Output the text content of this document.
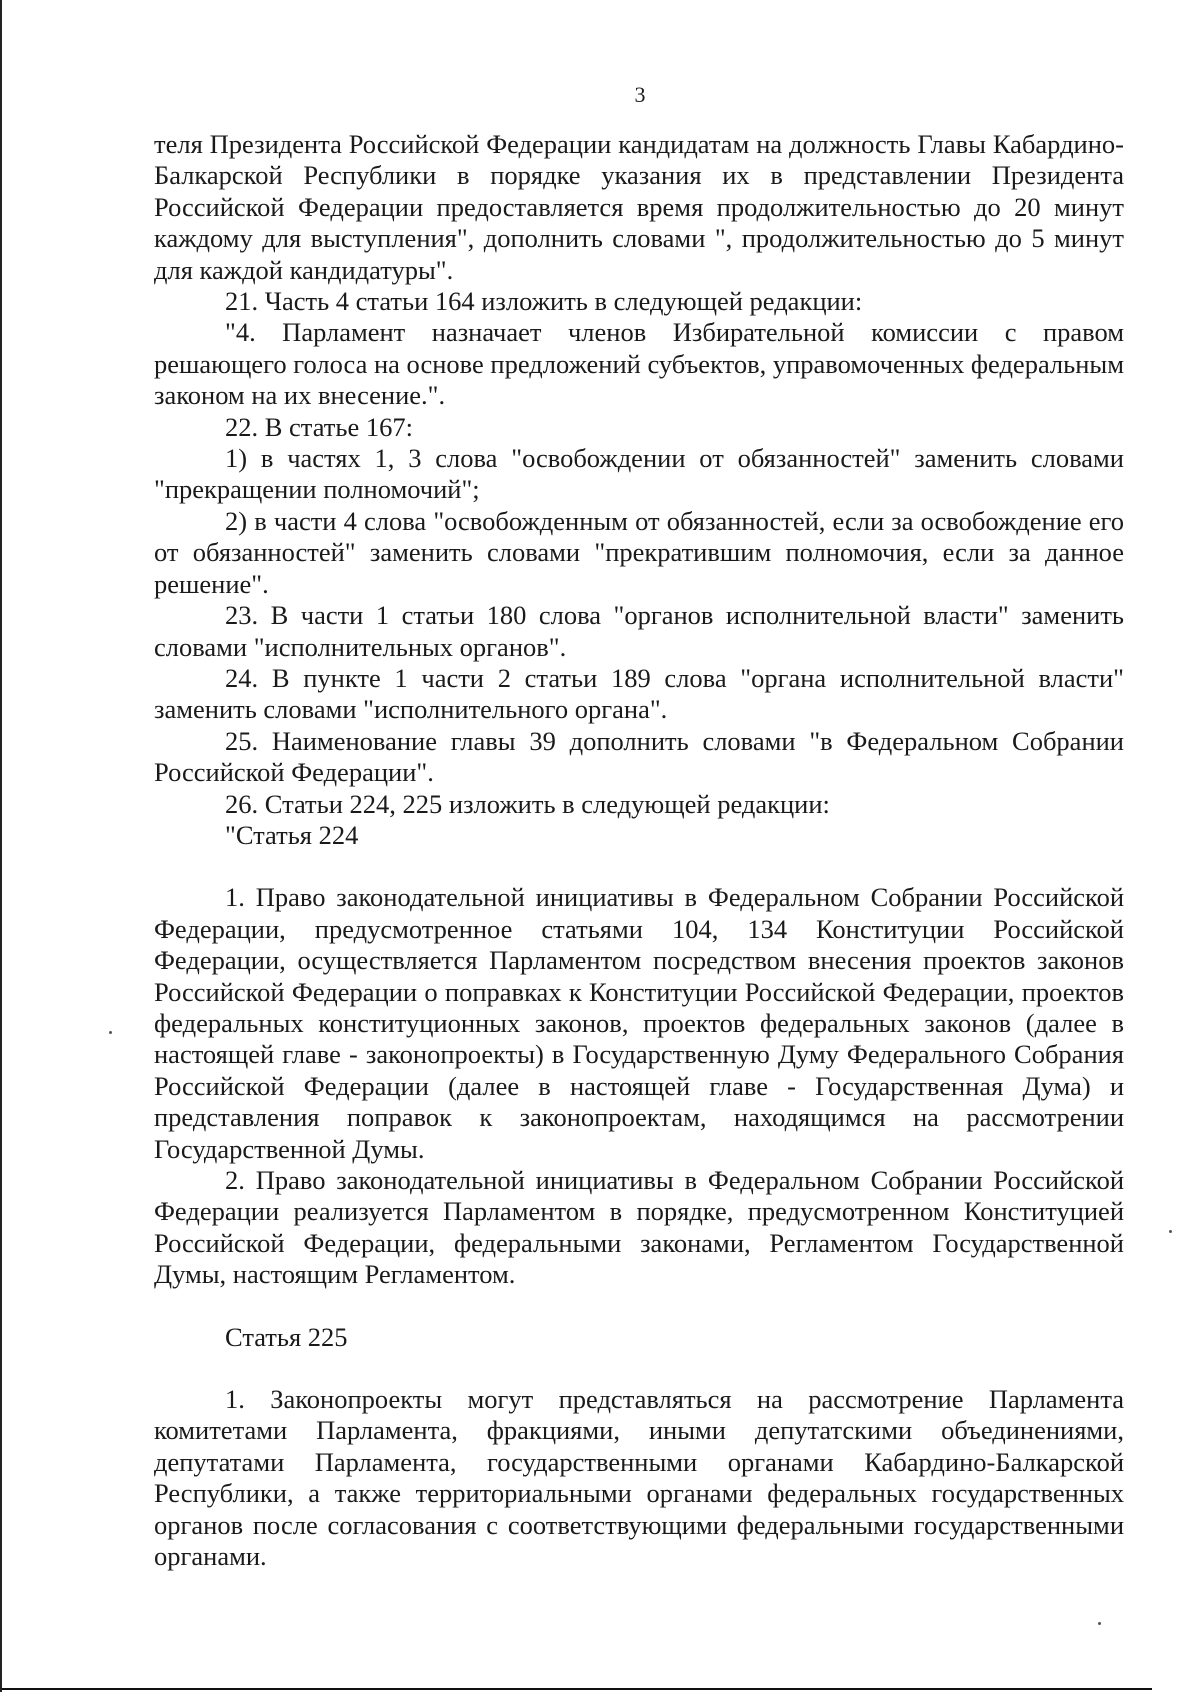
3

теля Президента Российской Федерации кандидатам на должность Главы Кабардино-Балкарской Республики в порядке указания их в представлении Президента Российской Федерации предоставляется время продолжительностью до 20 минут каждому для выступления", дополнить словами ", продолжительностью до 5 минут для каждой кандидатуры".

21. Часть 4 статьи 164 изложить в следующей редакции:

"4. Парламент назначает членов Избирательной комиссии с правом решающего голоса на основе предложений субъектов, управомоченных федеральным законом на их внесение.".

22. В статье 167:

1) в частях 1, 3 слова "освобождении от обязанностей" заменить словами "прекращении полномочий";

2) в части 4 слова "освобожденным от обязанностей, если за освобождение его от обязанностей" заменить словами "прекратившим полномочия, если за данное решение".

23. В части 1 статьи 180 слова "органов исполнительной власти" заменить словами "исполнительных органов".

24. В пункте 1 части 2 статьи 189 слова "органа исполнительной власти" заменить словами "исполнительного органа".

25. Наименование главы 39 дополнить словами "в Федеральном Собрании Российской Федерации".

26. Статьи 224, 225 изложить в следующей редакции:

"Статья 224

1. Право законодательной инициативы в Федеральном Собрании Российской Федерации, предусмотренное статьями 104, 134 Конституции Российской Федерации, осуществляется Парламентом посредством внесения проектов законов Российской Федерации о поправках к Конституции Российской Федерации, проектов федеральных конституционных законов, проектов федеральных законов (далее в настоящей главе - законопроекты) в Государственную Думу Федерального Собрания Российской Федерации (далее в настоящей главе - Государственная Дума) и представления поправок к законопроектам, находящимся на рассмотрении Государственной Думы.

2. Право законодательной инициативы в Федеральном Собрании Российской Федерации реализуется Парламентом в порядке, предусмотренном Конституцией Российской Федерации, федеральными законами, Регламентом Государственной Думы, настоящим Регламентом.

Статья 225

1. Законопроекты могут представляться на рассмотрение Парламента комитетами Парламента, фракциями, иными депутатскими объединениями, депутатами Парламента, государственными органами Кабардино-Балкарской Республики, а также территориальными органами федеральных государственных органов после согласования с соответствующими федеральными государственными органами.
